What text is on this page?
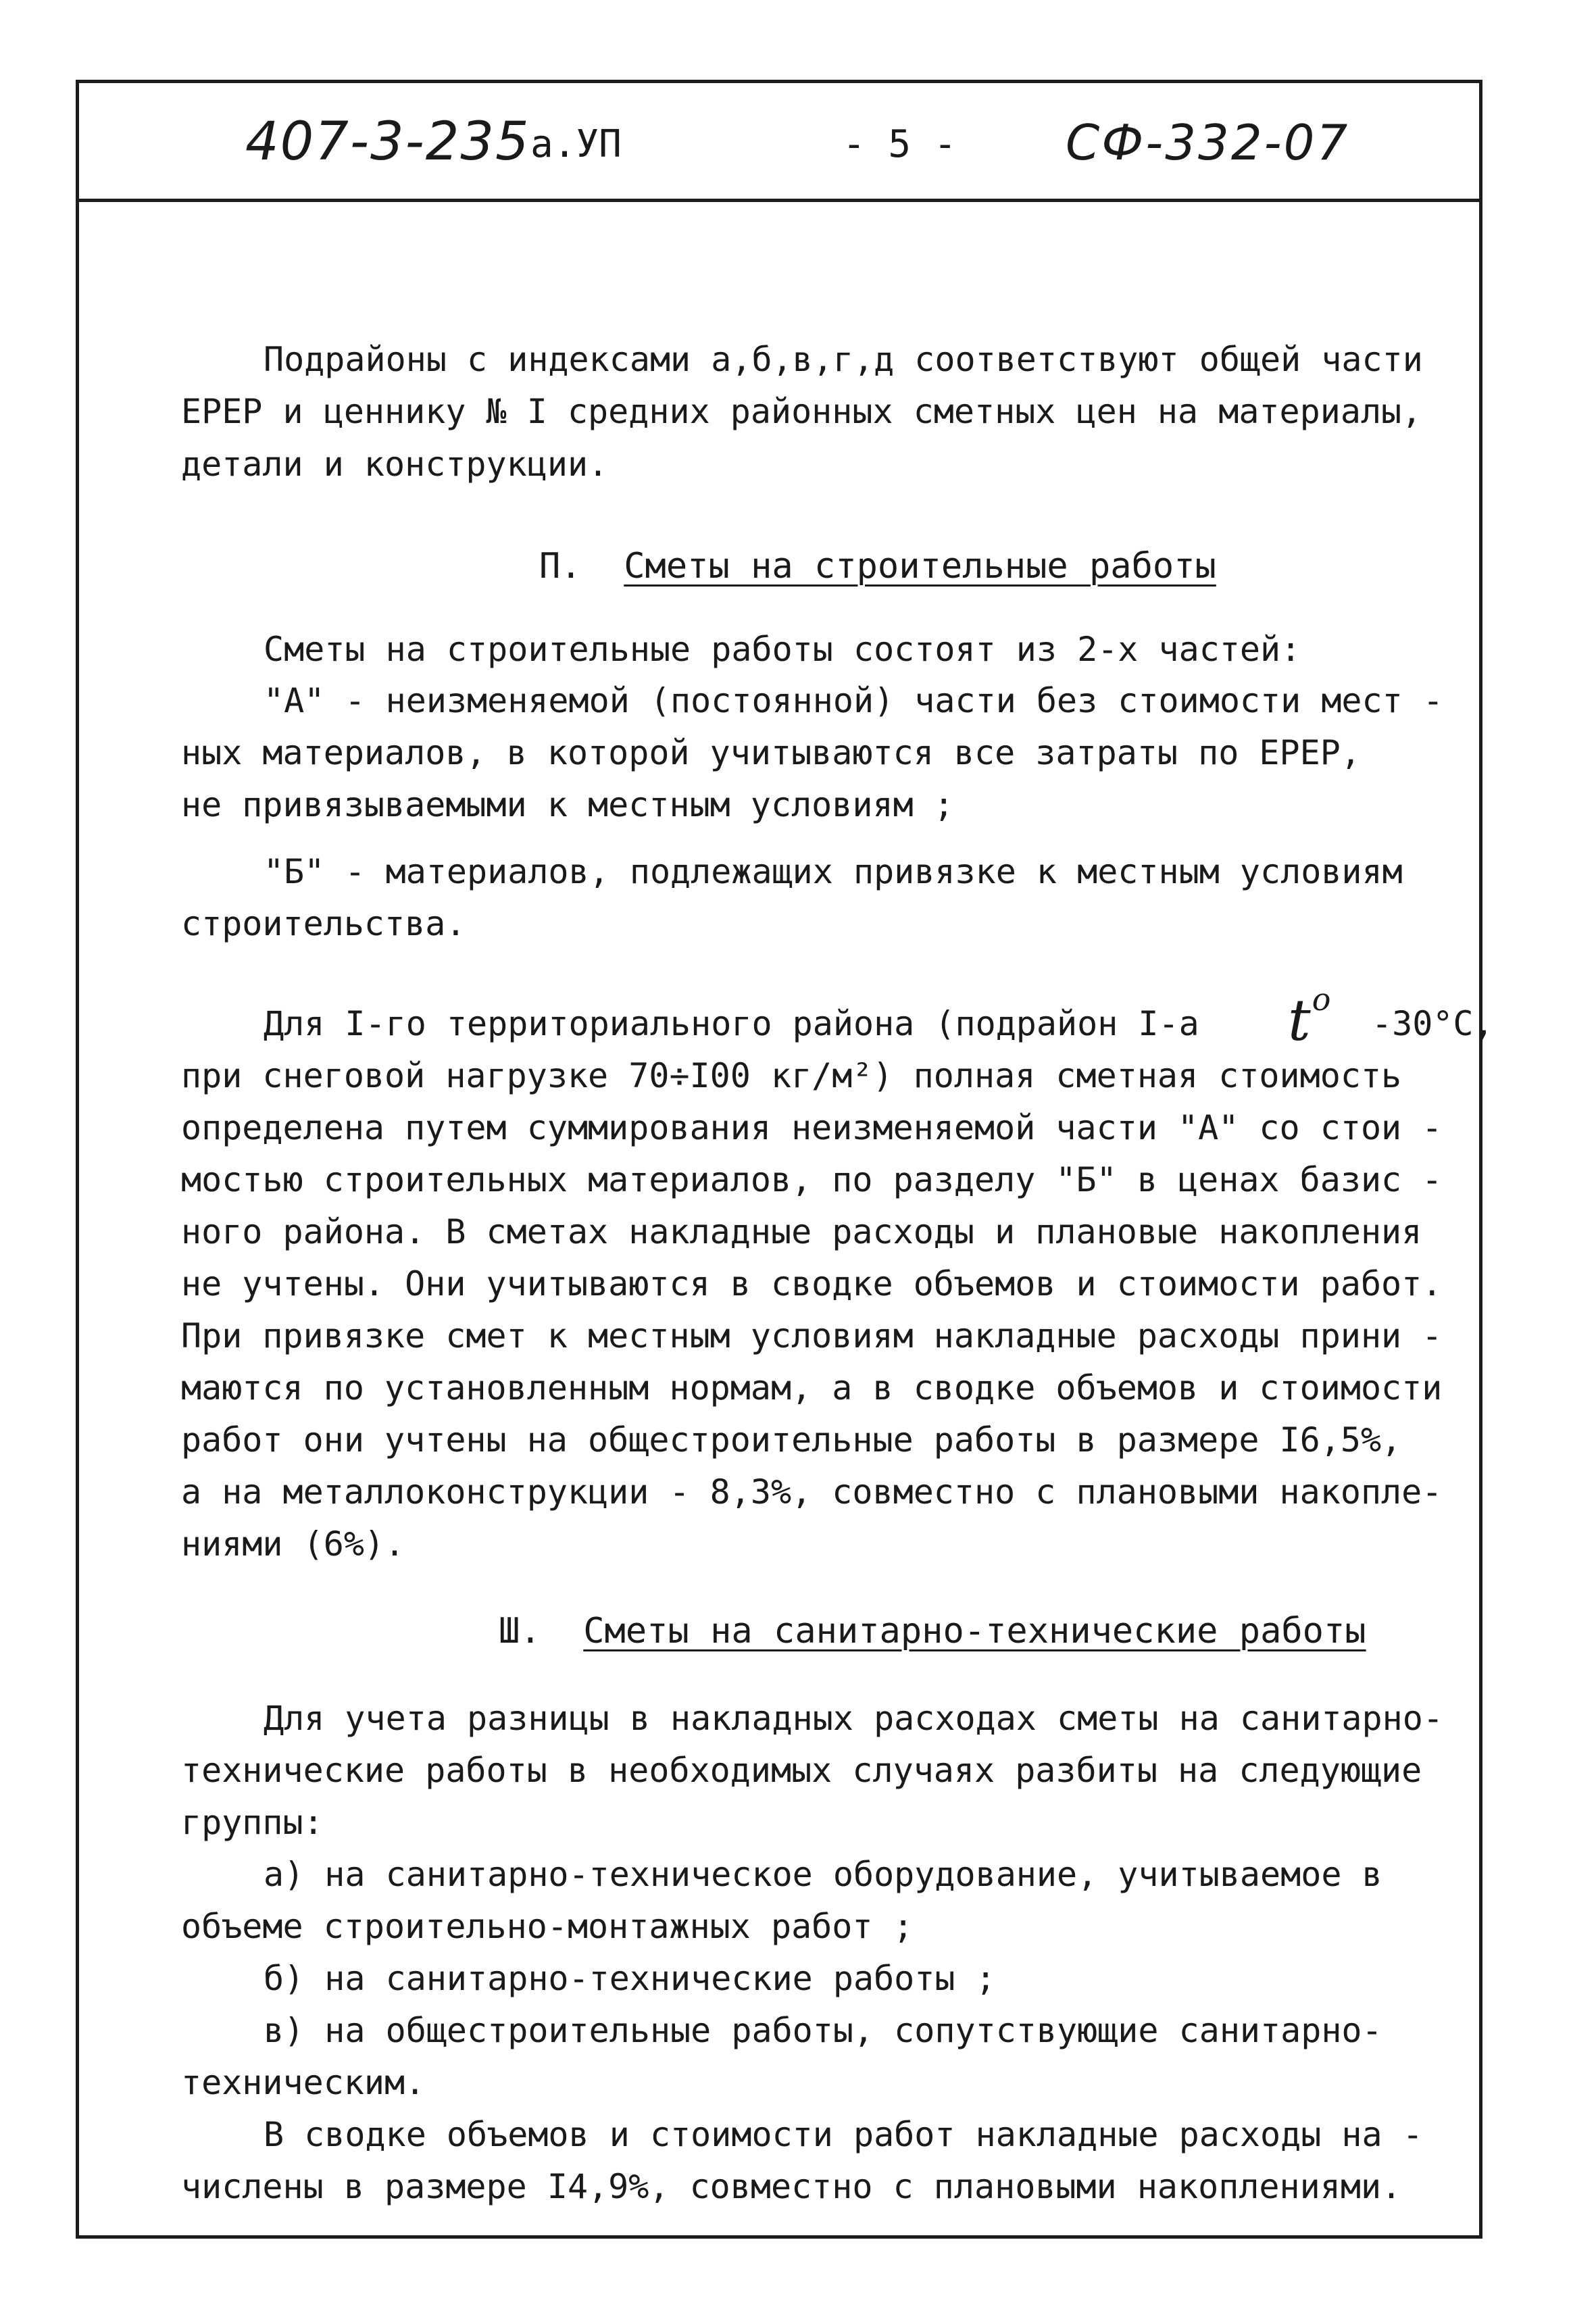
407-3-235 а.УП	- 5 - СФ-332-07
Подрайоны с индексами а,б,в,г,д соответствуют общей части
ЕРЕР и ценнику № I средних районных сметных цен на материалы,
детали и конструкции.
П. Сметы на строительные работы
Сметы на строительные работы состоят из 2-х частей:
"А" - неизменяемой (постоянной) части без стоимости мест -
ных материалов, в которой учитываются все затраты по ЕРЕР,
не привязываемыми к местным условиям ;
"Б" - материалов, подлежащих привязке к местным условиям
строительства.
Для I-го территориального района (подрайон I-а $t^o$
-30°С,
при снеговой нагрузке 70÷I00 кг/м²) полная сметная стоимость
определена путем суммирования неизменяемой части "А" со стои -
мостью строительных материалов, по разделу "Б" в ценах базис -
ного района. В сметах накладные расходы и плановые накопления
не учтены. Они учитываются в сводке объемов и стоимости работ.
При привязке смет к местным условиям накладные расходы прини -
маются по установленным нормам, а в сводке объемов и стоимости
работ они учтены на общестроительные работы в размере I6,5%,
а на металлоконструкции - 8,3%, совместно с плановыми накопле-
ниями (6%).
Ш. Сметы на санитарно-технические работы
Для учета разницы в накладных расходах сметы на санитарно-
технические работы в необходимых случаях разбиты на следующие
группы:
а) на санитарно-техническое оборудование, учитываемое в
объеме строительно-монтажных работ ;
б) на санитарно-технические работы ;
в) на общестроительные работы, сопутствующие санитарно-
техническим.
В сводке объемов и стоимости работ накладные расходы на -
числены в размере I4,9%, совместно с плановыми накоплениями.
